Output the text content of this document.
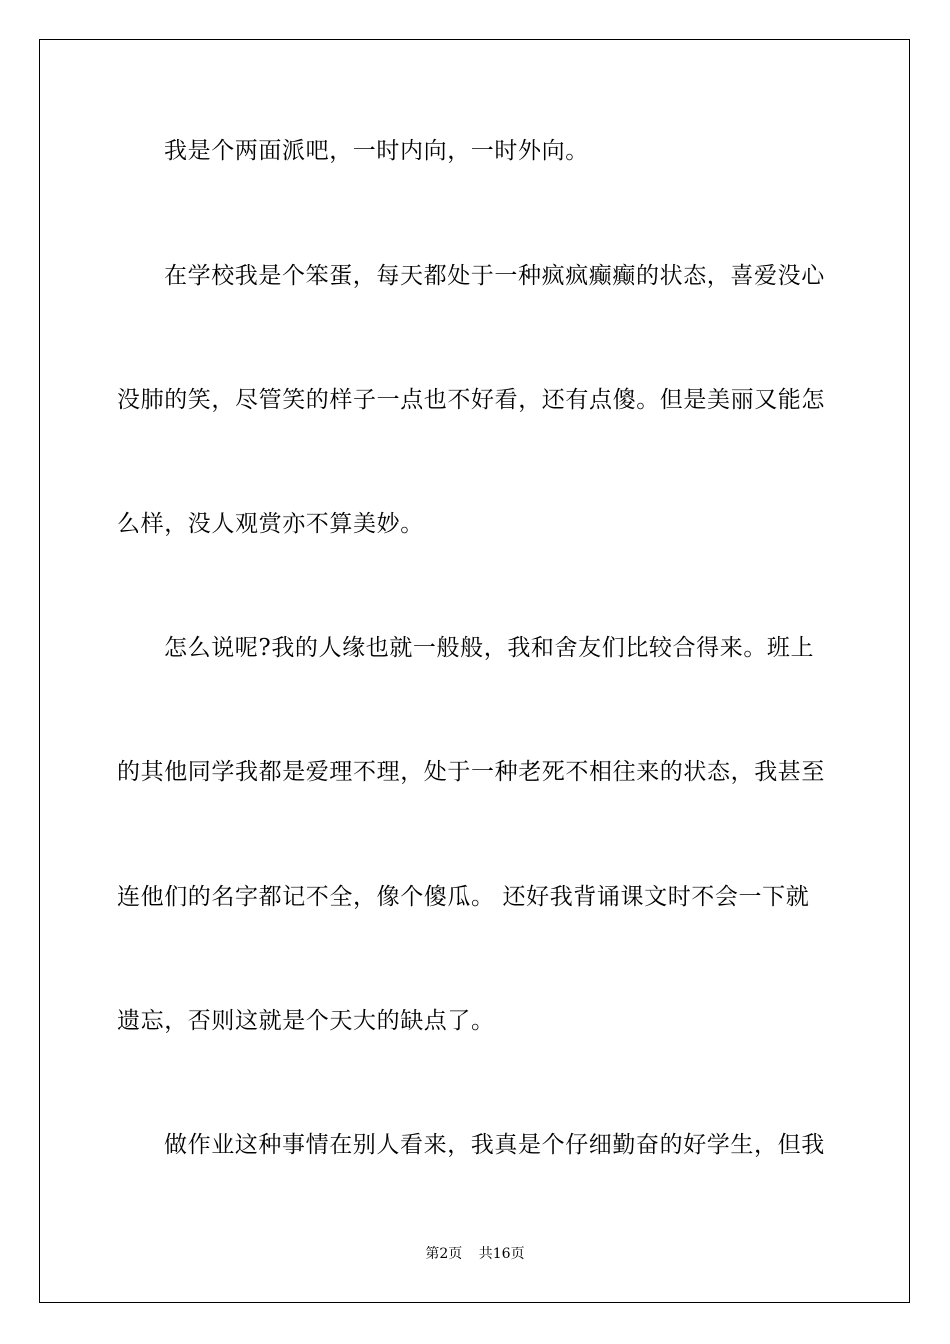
我是个两面派吧，一时内向，一时外向。
在学校我是个笨蛋，每天都处于一种疯疯癫癫的状态，喜爱没心
没肺的笑，尽管笑的样子一点也不好看，还有点傻。但是美丽又能怎
么样，没人观赏亦不算美妙。
怎么说呢?我的人缘也就一般般，我和舍友们比较合得来。班上
的其他同学我都是爱理不理，处于一种老死不相往来的状态，我甚至
连他们的名字都记不全，像个傻瓜。 还好我背诵课文时不会一下就
遗忘，否则这就是个天大的缺点了。
做作业这种事情在别人看来，我真是个仔细勤奋的好学生，但我
第2页 共16页
